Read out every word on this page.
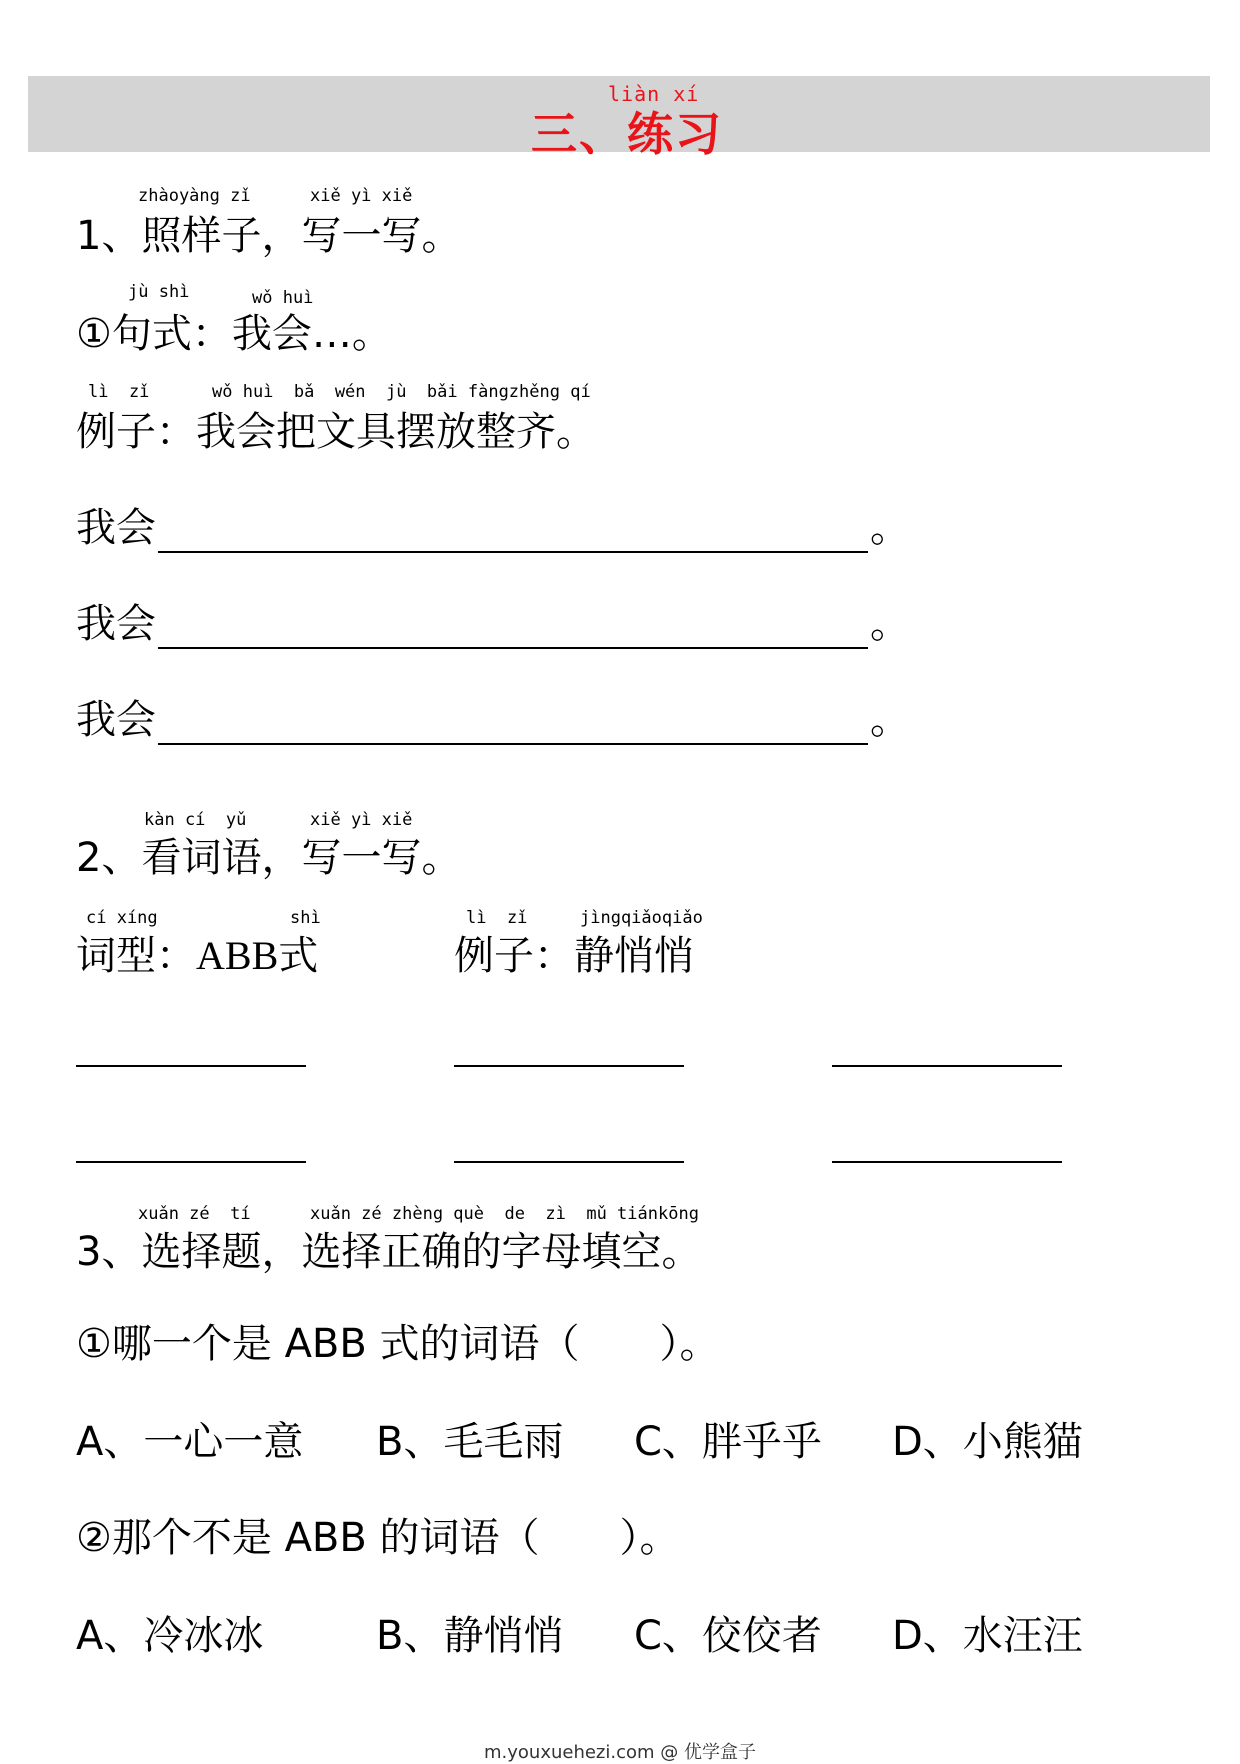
liàn xí
三、练习
zhàoyàng zǐ	xiě yì xiě
1、照样子，写一写。
jù shì	wǒ huì
①句式：我会…。
lì  zǐ	wǒ huì  bǎ  wén  jù  bǎi fàngzhěng qí
例子：我会把文具摆放整齐。
我会	。
我会	。
我会	。
kàn cí  yǔ	xiě yì xiě
2、看词语，写一写。
cí xíng	shì
词型：ABB式
lì  zǐ	jìngqiǎoqiǎo
例子：静悄悄
xuǎn zé  tí	xuǎn zé zhèng què  de  zì  mǔ tiánkōng
3、选择题，选择正确的字母填空。
①哪一个是 ABB 式的词语（　　）。
A、一心一意 B、毛毛雨 C、胖乎乎 D、小熊猫
②那个不是 ABB 的词语（　　）。
A、冷冰冰	B、静悄悄 C、佼佼者 D、水汪汪
m.youxuehezi.com @ 优学盒子
